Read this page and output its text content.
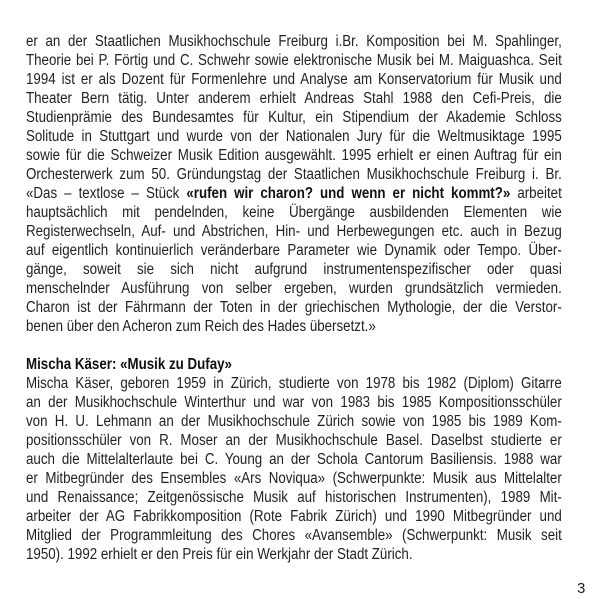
er an der Staatlichen Musikhochschule Freiburg i.Br. Komposition bei M. Spahlinger,
Theorie bei P. Förtig und C. Schwehr sowie elektronische Musik bei M. Maiguashca. Seit
1994 ist er als Dozent für Formenlehre und Analyse am Konservatorium für Musik und
Theater Bern tätig. Unter anderem erhielt Andreas Stahl 1988 den Cefi-Preis, die
Studienprämie des Bundesamtes für Kultur, ein Stipendium der Akademie Schloss
Solitude in Stuttgart und wurde von der Nationalen Jury für die Weltmusiktage 1995
sowie für die Schweizer Musik Edition ausgewählt. 1995 erhielt er einen Auftrag für ein
Orchesterwerk zum 50. Gründungstag der Staatlichen Musikhochschule Freiburg i. Br.
«Das – textlose – Stück «rufen wir charon? und wenn er nicht kommt?» arbeitet
hauptsächlich mit pendelnden, keine Übergänge ausbildenden Elementen wie
Registerwechseln, Auf- und Abstrichen, Hin- und Herbewegungen etc. auch in Bezug
auf eigentlich kontinuierlich veränderbare Parameter wie Dynamik oder Tempo. Über-
gänge, soweit sie sich nicht aufgrund instrumentenspezifischer oder quasi
menschelnder Ausführung von selber ergeben, wurden grundsätzlich vermieden.
Charon ist der Fährmann der Toten in der griechischen Mythologie, der die Verstor-
benen über den Acheron zum Reich des Hades übersetzt.»
Mischa Käser: «Musik zu Dufay»
Mischa Käser, geboren 1959 in Zürich, studierte von 1978 bis 1982 (Diplom) Gitarre
an der Musikhochschule Winterthur und war von 1983 bis 1985 Kompositionsschüler
von H. U. Lehmann an der Musikhochschule Zürich sowie von 1985 bis 1989 Kom-
positionsschüler von R. Moser an der Musikhochschule Basel. Daselbst studierte er
auch die Mittelalterlaute bei C. Young an der Schola Cantorum Basiliensis. 1988 war
er Mitbegründer des Ensembles «Ars Noviqua» (Schwerpunkte: Musik aus Mittelalter
und Renaissance; Zeitgenössische Musik auf historischen Instrumenten), 1989 Mit-
arbeiter der AG Fabrikkomposition (Rote Fabrik Zürich) und 1990 Mitbegründer und
Mitglied der Programmleitung des Chores «Avansemble» (Schwerpunkt: Musik seit
1950). 1992 erhielt er den Preis für ein Werkjahr der Stadt Zürich.
3
